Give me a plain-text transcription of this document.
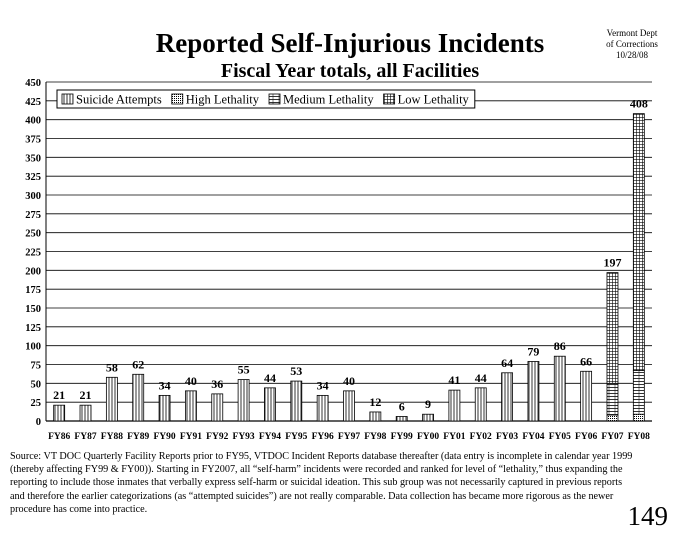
Reported Self-Injurious Incidents
Fiscal Year totals, all Facilities
Vermont Dept
of Corrections
10/28/08
0
25
50
75
100
125
150
175
200
225
250
275
300
325
350
375
400
425
450
21 21
58 62
34 40 36
55
44 53
34 40
12 6 9
41 44
64
79 86
66
197
408
FY86 FY87 FY88 FY89 FY90 FY91 FY92 FY93 FY94 FY95 FY96 FY97 FY98 FY99 FY00 FY01 FY02 FY03 FY04 FY05 FY06 FY07 FY08
Suicide Attempts High Lethality Medium Lethality Low Lethality

Source: VT DOC Quarterly Facility Reports prior to FY95, VTDOC Incident Reports database thereafter (data entry is incomplete in calendar year 1999 (thereby affecting FY99 & FY00)). Starting in FY2007, all “self-harm” incidents were recorded and ranked for level of “lethality,” thus expanding the reporting to include those inmates that verbally express self-harm or suicidal ideation. This sub group was not necessarily captured in previous reports and therefore the earlier categorizations (as “attempted suicides”) are not really comparable. Data collection has became more rigorous as the newer procedure has come into practice.	149
